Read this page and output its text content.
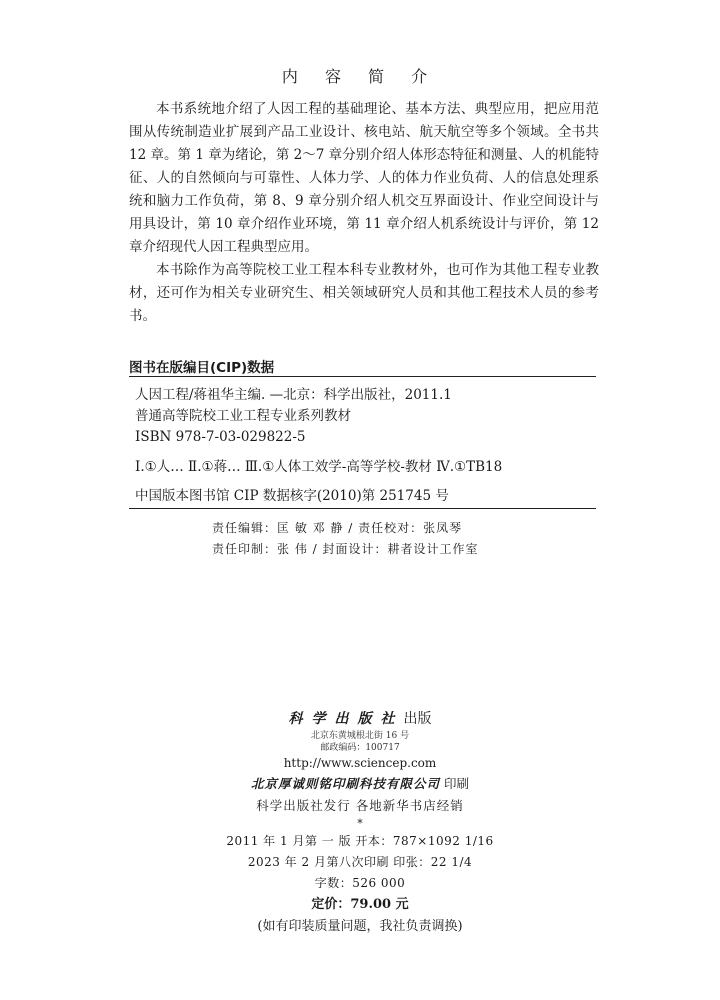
内 容 简 介

本书系统地介绍了人因工程的基础理论、基本方法、典型应用，把应用范围从传统制造业扩展到产品工业设计、核电站、航天航空等多个领域。全书共 12 章。第 1 章为绪论，第 2～7 章分别介绍人体形态特征和测量、人的机能特征、人的自然倾向与可靠性、人体力学、人的体力作业负荷、人的信息处理系统和脑力工作负荷，第 8、9 章分别介绍人机交互界面设计、作业空间设计与用具设计，第 10 章介绍作业环境，第 11 章介绍人机系统设计与评价，第 12 章介绍现代人因工程典型应用。

本书除作为高等院校工业工程本科专业教材外，也可作为其他工程专业教材，还可作为相关专业研究生、相关领域研究人员和其他工程技术人员的参考书。

图书在版编目(CIP)数据
人因工程/蒋祖华主编. —北京：科学出版社，2011.1
普通高等院校工业工程专业系列教材
ISBN 978-7-03-029822-5
Ⅰ.①人… Ⅱ.①蒋… Ⅲ.①人体工效学-高等学校-教材 Ⅳ.①TB18
中国版本图书馆 CIP 数据核字(2010)第 251745 号
责任编辑：匡 敏 邓 静 / 责任校对：张凤琴
责任印制：张 伟 / 封面设计：耕者设计工作室
科学出版社出版
北京东黄城根北街 16 号
邮政编码：100717
http://www.sciencep.com
北京厚诚则铭印刷科技有限公司 印刷
科学出版社发行 各地新华书店经销
*
2011 年 1 月第 一 版 开本：787×1092 1/16
2023 年 2 月第八次印刷 印张：22 1/4
字数：526 000
定价：79.00 元
(如有印装质量问题，我社负责调换)
